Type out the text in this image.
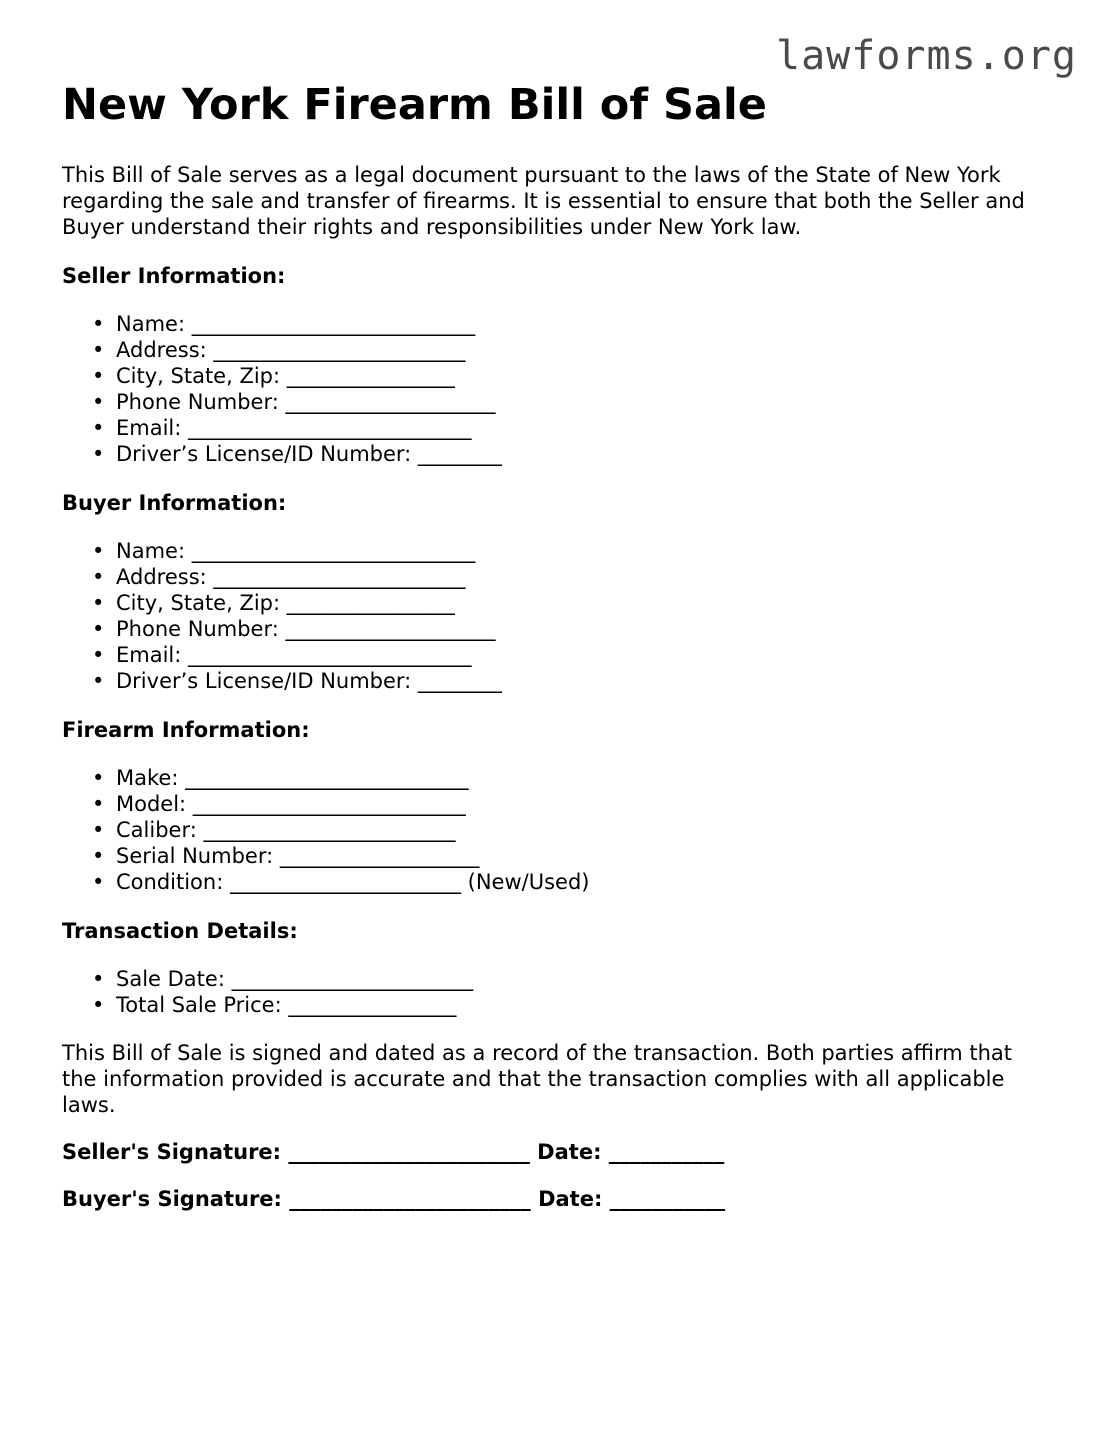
lawforms.org
New York Firearm Bill of Sale

This Bill of Sale serves as a legal document pursuant to the laws of the State of New York regarding the sale and transfer of firearms. It is essential to ensure that both the Seller and Buyer understand their rights and responsibilities under New York law.

Seller Information:
• Name: ___________________________
• Address: ________________________
• City, State, Zip: ________________
• Phone Number: ____________________
• Email: ___________________________
• Driver’s License/ID Number: ________
Buyer Information:
• Name: ___________________________
• Address: ________________________
• City, State, Zip: ________________
• Phone Number: ____________________
• Email: ___________________________
• Driver’s License/ID Number: ________
Firearm Information:
• Make: ___________________________
• Model: __________________________
• Caliber: ________________________
• Serial Number: ___________________
• Condition: ______________________ (New/Used)
Transaction Details:
• Sale Date: _______________________
• Total Sale Price: ________________

This Bill of Sale is signed and dated as a record of the transaction. Both parties affirm that the information provided is accurate and that the transaction complies with all applicable laws.

Seller's Signature: _______________________ Date: ___________
Buyer's Signature: _______________________ Date: ___________
